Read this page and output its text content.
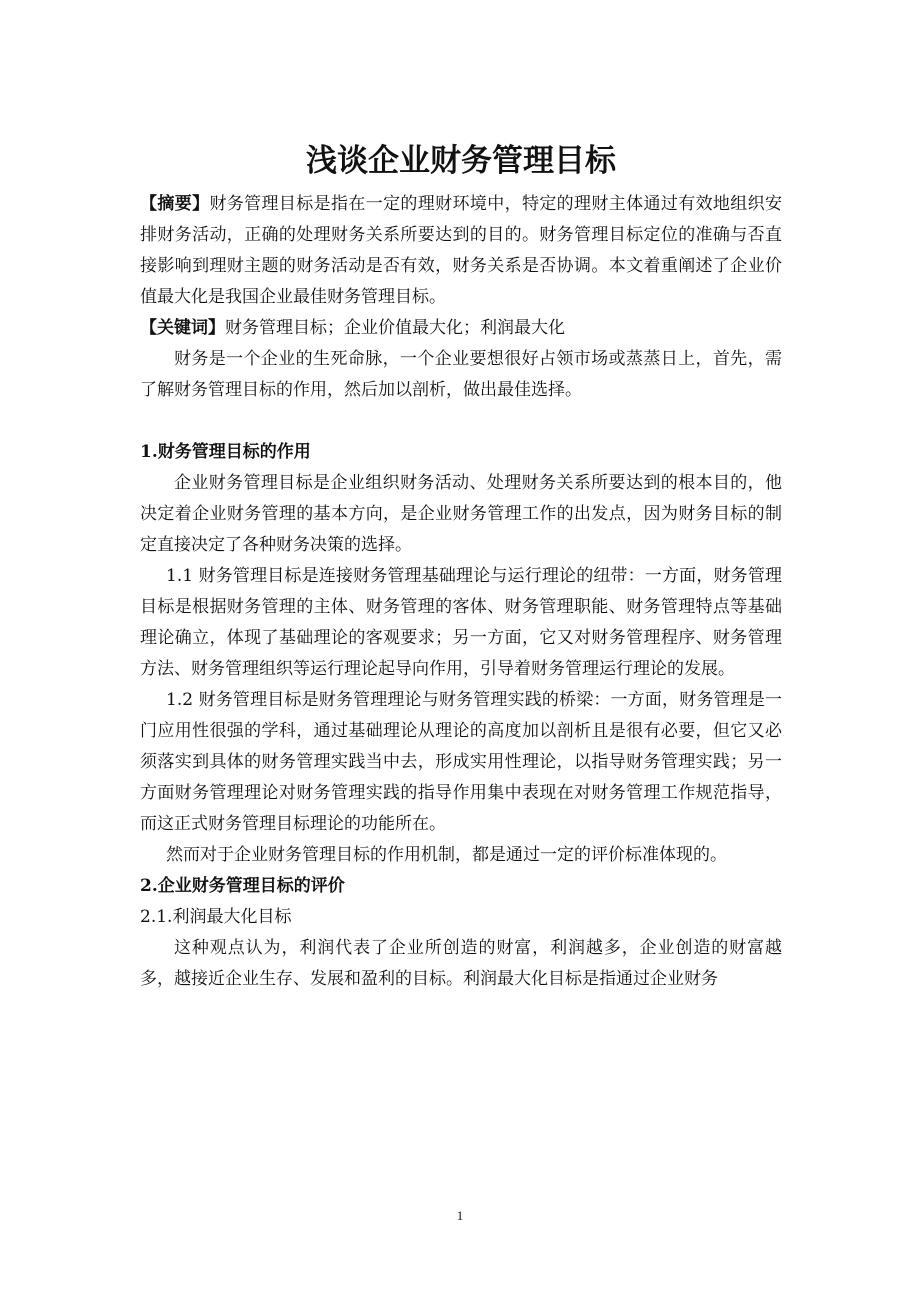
浅谈企业财务管理目标

【摘要】财务管理目标是指在一定的理财环境中，特定的理财主体通过有效地组织安排财务活动，正确的处理财务关系所要达到的目的。财务管理目标定位的准确与否直接影响到理财主题的财务活动是否有效，财务关系是否协调。本文着重阐述了企业价值最大化是我国企业最佳财务管理目标。

【关键词】财务管理目标；企业价值最大化；利润最大化

财务是一个企业的生死命脉，一个企业要想很好占领市场或蒸蒸日上，首先，需了解财务管理目标的作用，然后加以剖析，做出最佳选择。

1.财务管理目标的作用

企业财务管理目标是企业组织财务活动、处理财务关系所要达到的根本目的，他决定着企业财务管理的基本方向，是企业财务管理工作的出发点，因为财务目标的制定直接决定了各种财务决策的选择。

1.1 财务管理目标是连接财务管理基础理论与运行理论的纽带：一方面，财务管理目标是根据财务管理的主体、财务管理的客体、财务管理职能、财务管理特点等基础理论确立，体现了基础理论的客观要求；另一方面，它又对财务管理程序、财务管理方法、财务管理组织等运行理论起导向作用，引导着财务管理运行理论的发展。

1.2 财务管理目标是财务管理理论与财务管理实践的桥梁：一方面，财务管理是一门应用性很强的学科，通过基础理论从理论的高度加以剖析且是很有必要，但它又必须落实到具体的财务管理实践当中去，形成实用性理论，以指导财务管理实践；另一方面财务管理理论对财务管理实践的指导作用集中表现在对财务管理工作规范指导，而这正式财务管理目标理论的功能所在。

然而对于企业财务管理目标的作用机制，都是通过一定的评价标准体现的。

2.企业财务管理目标的评价

2.1.利润最大化目标

这种观点认为，利润代表了企业所创造的财富，利润越多，企业创造的财富越多，越接近企业生存、发展和盈利的目标。利润最大化目标是指通过企业财务

1
